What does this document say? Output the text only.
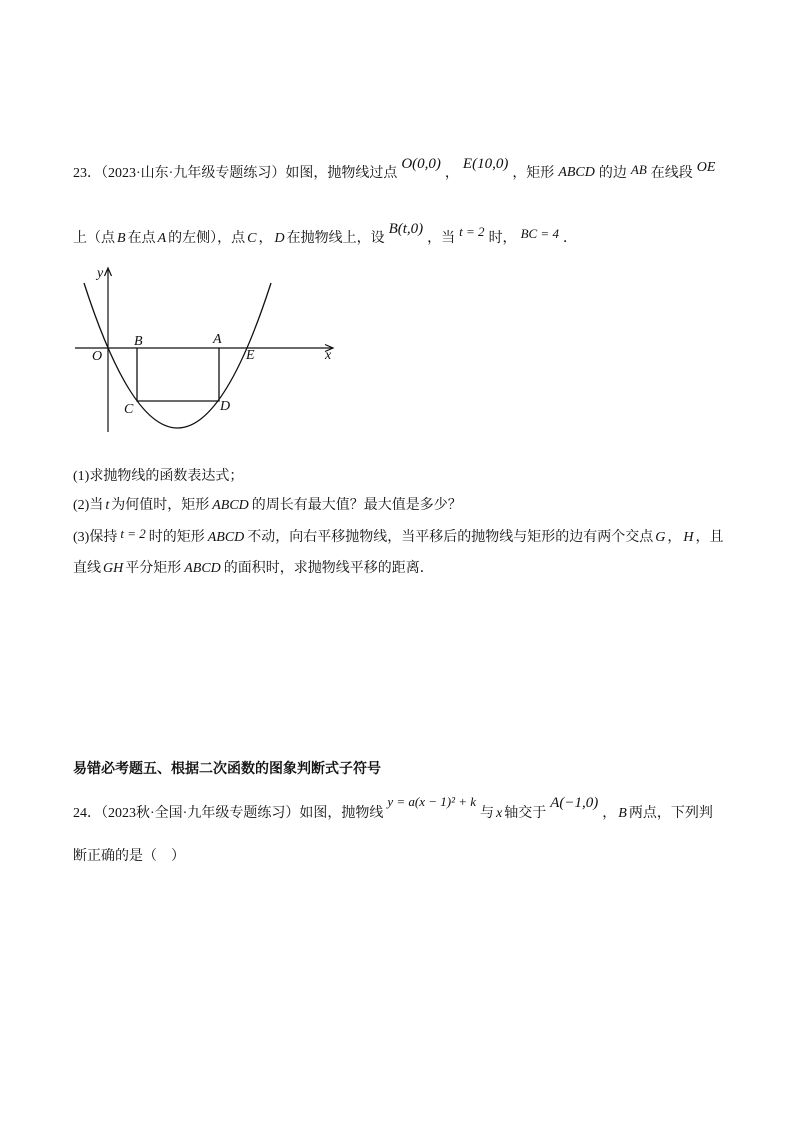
23．（2023·山东·九年级专题练习）如图，抛物线过点O(0,0)，E(10,0)，矩形 ABCD 的边 AB 在线段 OE
上（点 B 在点 A 的左侧），点 C ， D 在抛物线上，设B(t,0)，当 t = 2 时， BC = 4 ．
y
x
O
B	A
E
C	D
(1)求抛物线的函数表达式；
(2)当 t 为何值时，矩形 ABCD 的周长有最大值？最大值是多少？
(3)保持 t = 2 时的矩形 ABCD 不动，向右平移抛物线，当平移后的抛物线与矩形的边有两个交点 G ， H ，且
直线 GH 平分矩形 ABCD 的面积时，求抛物线平移的距离．
易错必考题五、根据二次函数的图象判断式子符号
24．（2023秋·全国·九年级专题练习）如图，抛物线y = a(x − 1)² + k与 x 轴交于A(−1,0)， B 两点，下列判
断正确的是（　）
